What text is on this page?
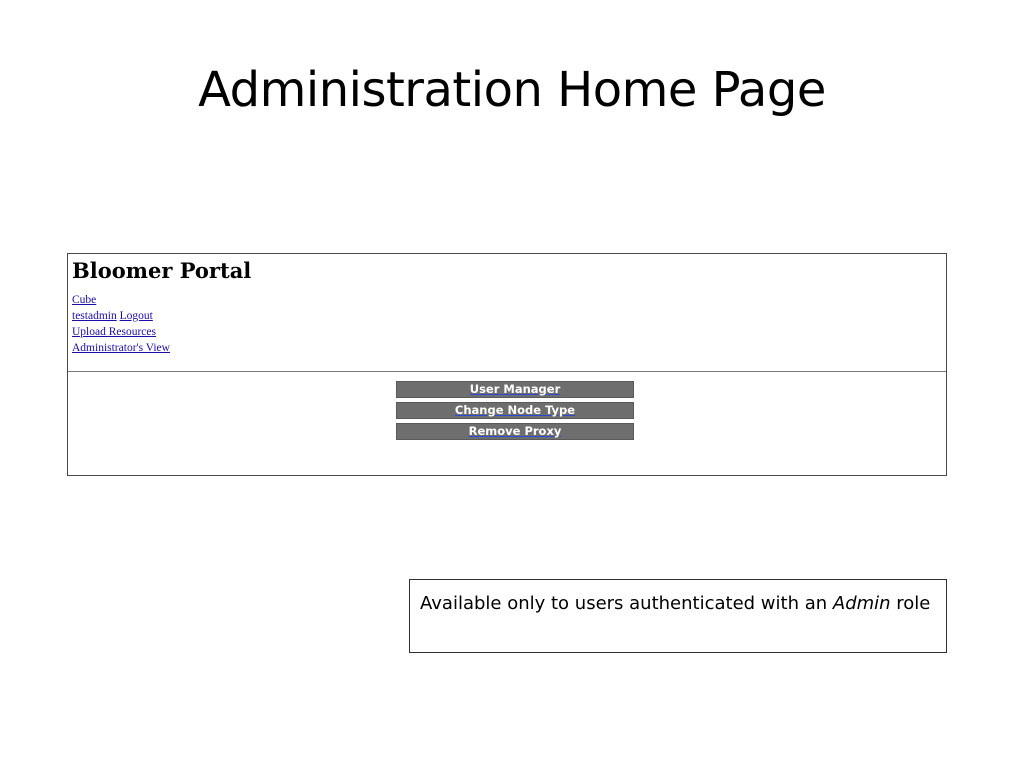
Administration Home Page
Bloomer Portal
Cube
testadmin Logout
Upload Resources
Administrator's View
User Manager
Change Node Type
Remove Proxy
Available only to users authenticated with an Admin role
